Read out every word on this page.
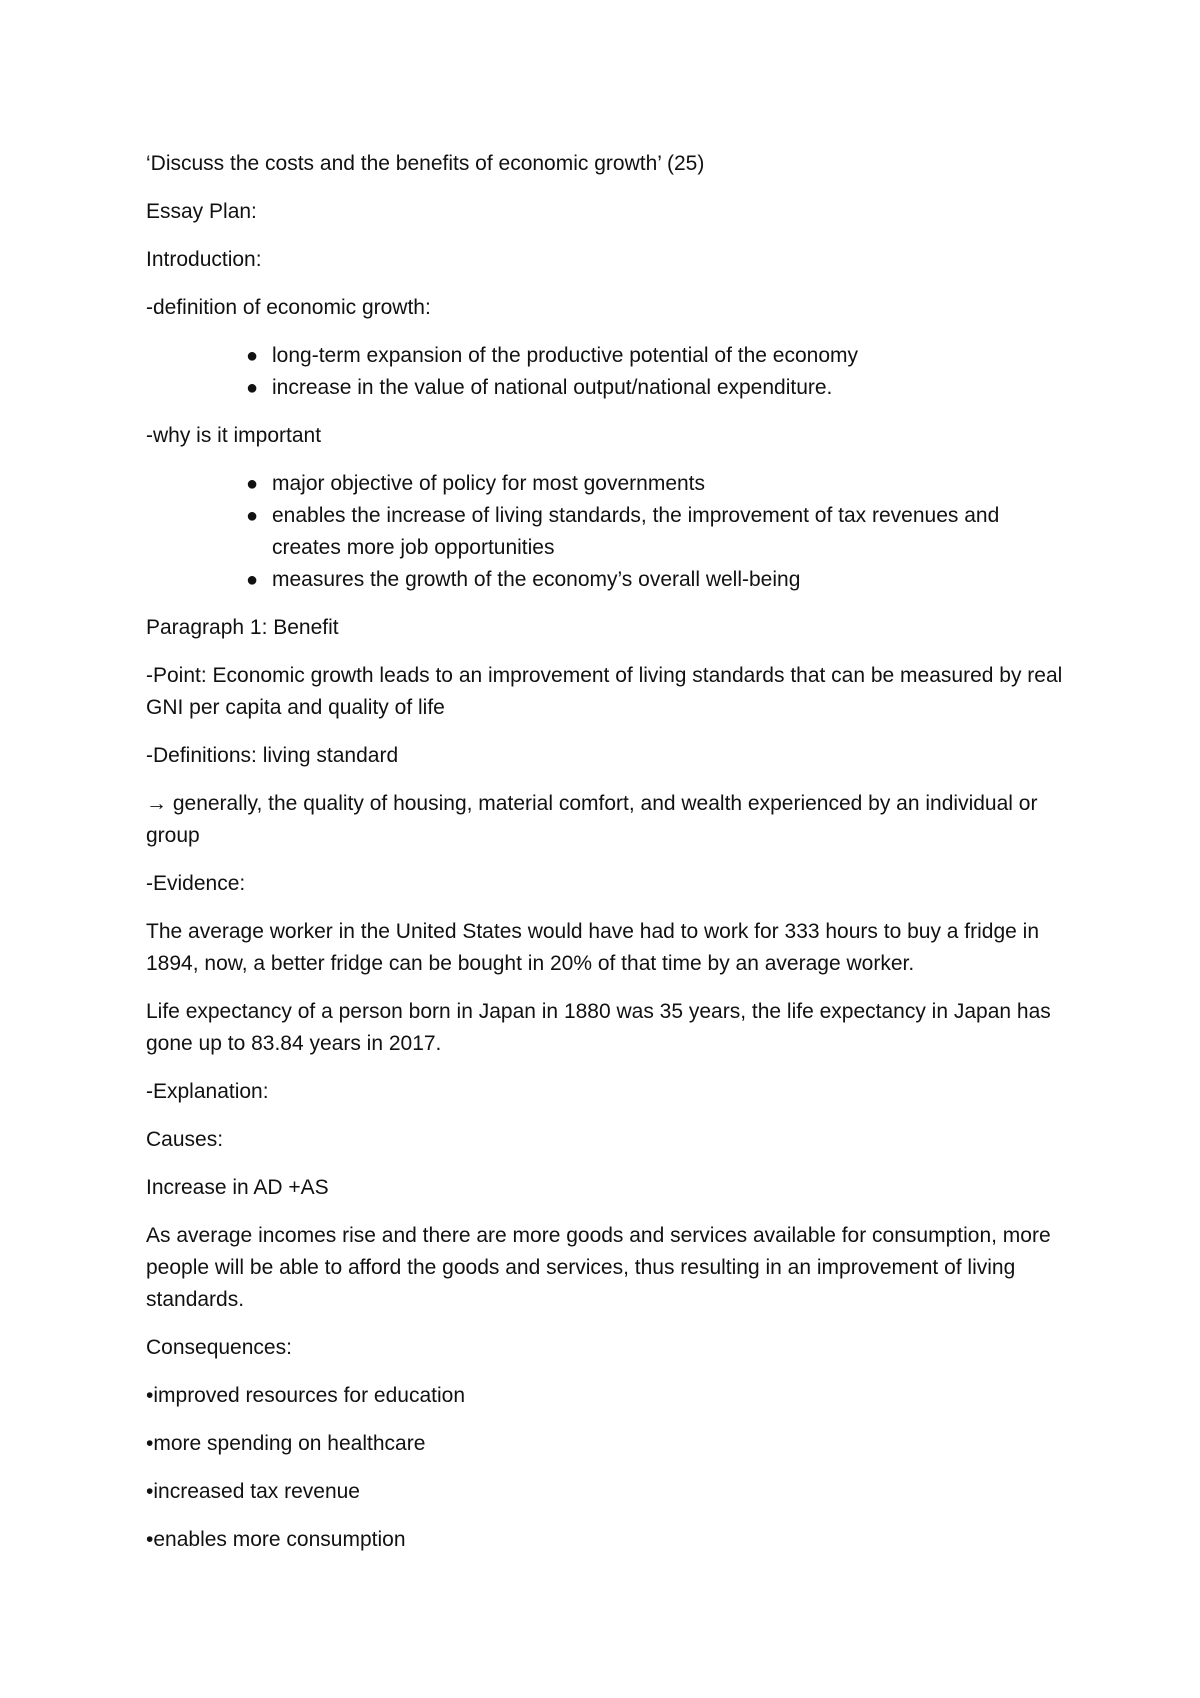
‘Discuss the costs and the benefits of economic growth’ (25)

Essay Plan:

Introduction:

-definition of economic growth:

● long-term expansion of the productive potential of the economy
● increase in the value of national output/national expenditure.

-why is it important

● major objective of policy for most governments
● enables the increase of living standards, the improvement of tax revenues and creates more job opportunities
● measures the growth of the economy’s overall well-being

Paragraph 1: Benefit

-Point: Economic growth leads to an improvement of living standards that can be measured by real GNI per capita and quality of life

-Definitions: living standard

→ generally, the quality of housing, material comfort, and wealth experienced by an individual or group

-Evidence:

The average worker in the United States would have had to work for 333 hours to buy a fridge in 1894, now, a better fridge can be bought in 20% of that time by an average worker.

Life expectancy of a person born in Japan in 1880 was 35 years, the life expectancy in Japan has gone up to 83.84 years in 2017.

-Explanation:

Causes:

Increase in AD +AS

As average incomes rise and there are more goods and services available for consumption, more people will be able to afford the goods and services, thus resulting in an improvement of living standards.

Consequences:

•improved resources for education

•more spending on healthcare

•increased tax revenue

•enables more consumption
